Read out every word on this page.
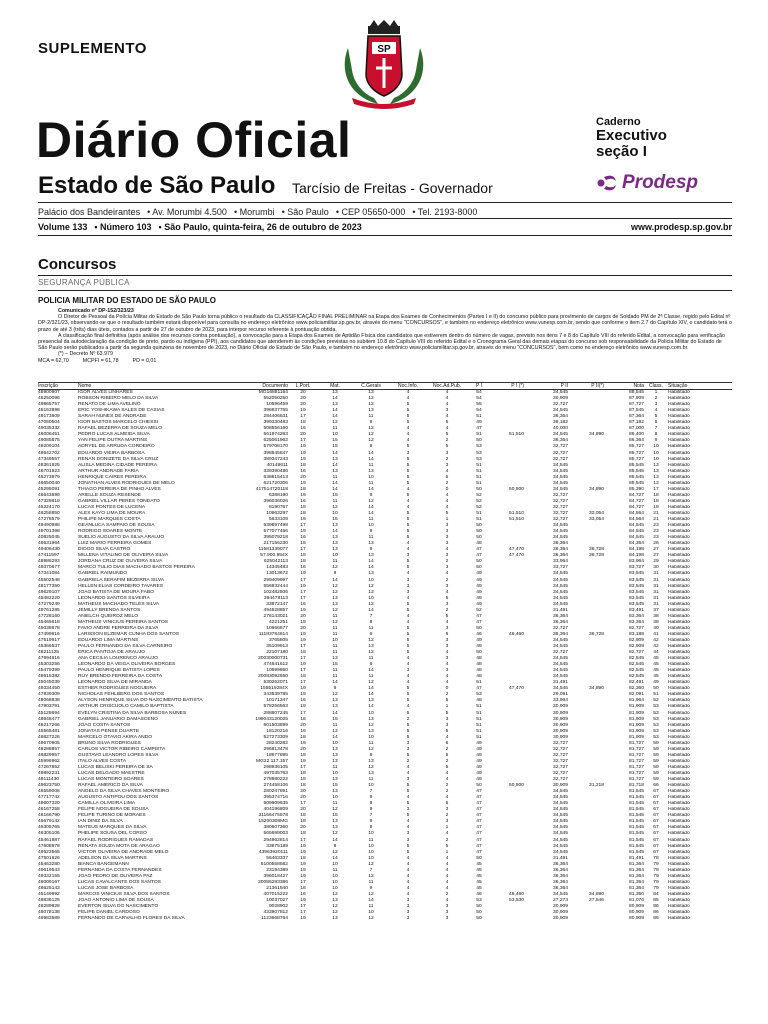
SUPLEMENTO	SP
Diário Oficial
Estado de São Paulo Tarcísio de Freitas - Governador
Caderno
Executivo
seção I
Prodesp
Palácio dos Bandeirantes • Av. Morumbi 4.500 • Morumbi • São Paulo • CEP 05650-000 • Tel. 2193-8000
Volume 133 • Número 103 • São Paulo, quinta-feira, 26 de outubro de 2023	www.prodesp.sp.gov.br
Concursos
SEGURANÇA PÚBLICA
POLICIA MILITAR DO ESTADO DE SÃO PAULO

Comunicado nº DP-152/323/23

O Diretor de Pessoal da Polícia Militar do Estado de São Paulo torna público o resultado da CLASSIFICAÇÃO FINAL PRELIMINAR na Etapa dos Exames de Conhecimentos (Partes I e II) do concurso público para provimento de cargos de Soldado PM de 2ª Classe, regido pelo Edital nº DP-2/321/23, observando-se que o resultado também estará disponível para consulta no endereço eletrônico www.policiamilitar.sp.gov.br, através do menu "CONCURSOS", e também no endereço eletrônico www.vunesp.com.br, sendo que conforme o item 2.7 do Capítulo XIV, o candidato terá o prazo de até 3 (três) dias úteis, contados a partir de 27 de outubro de 2023, para interpor recurso referente à pontuação obtida.

A classificação final definitiva (após análise dos recursos contra pontuação), a convocação para a Etapa dos Exames de Aptidão Física dos candidatos que estiverem dentro do número de vagas, previsto nos itens 7 e 8 do Capítulo VIII do referido Edital, a convocação para verificação presencial da autodeclaração da condição de preto, pardo ou indígena (PPI), aos candidatos que atenderem às condições previstas no subitem 10.8 do Capítulo VIII do referido Edital e o Cronograma Geral das demais etapas do concurso sob responsabilidade da Polícia Militar do Estado de São Paulo serão publicados a partir da segunda quinzena de novembro de 2023, no Diário Oficial do Estado de São Paulo, e também no endereço eletrônico www.policiamilitar.sp.gov.br, através do menu "CONCURSOS", bem como no endereço eletrônico www.vunesp.com.br.

(*) – Decreto Nº 63.979

MCA = 62,70	MCPFI = 61,78	PD = 0,01
Inscrição	Nome	Documento	L.Port.	Mat.	C.Gerais	Noc.Info.	Noc.Ad.Pub.	P I	P I (*)	P II	P II(*)	Nota	Class.	Situação
48900907	IGOR ALVES LINHARES	MG16881164	20	13	13	4	4	54		34,545		88,545	1	Habilitado
45250096	ROBSON RIBEIRO MELO DA SILVA	552050250	20	14	12	4	4	54		30,909		87,909	2	Habilitado
49865757	RENATO DE LIMA AVELINO	10596459	20	13	12	5	4	55		32,727		87,727	3	Habilitado
45163898	ERIC YOSHIKAWA SALES DE CASIAS	396937755	19	14	13	5	3	54		34,545		87,545	4	Habilitado
49173609	SARAH NUNES DE ANDRADE	284406631	17	14	11	5	4	51		36,364		87,364	5	Habilitado
47050504	IGOR BASTOS MARCELO CHIESSI	399330483	18	12	9	5	5	49		38,182		87,182	6	Habilitado
49035332	RAFAEL BEZERRA DE SOUZA MELO	508556160	16	11	12	4	4	47		40,000		87,000	7	Habilitado
46006451	PEDRO LUCAS ALMEIDA SILVA	561974263	20	10	12	4	5	51	51,510	34,545	34,890	86,400	8	Habilitado
49085875	YAN FELIPE DUTRA MARTINS	625061962	17	15	12	4	2	50		36,364		86,364	9	Habilitado
48209104	ADRYEL DE ARRUDA CORDEIRO	579706170	19	15	9	5	5	53		32,727		85,727	10	Habilitado
49542702	EDUARDO VIEIRA BARBOSA	398545847	19	14	14	3	3	53		32,727		85,727	10	Habilitado
47349557	RENAN DONIZETE DA SILVA CRUZ	389347243	19	13	14	5	2	53		32,727		85,727	10	Habilitado
48361925	ALISLA MEDINA CIDADE PEREIRA	40148611	18	14	11	5	3	51		34,545		85,545	13	Habilitado
46701923	ARTHUR ANDRADE FARIA	339390486	16	13	13	5	4	51		34,545		85,545	13	Habilitado
45273979	HENRIQUE CAIRES PEREIRA	638815413	20	11	10	5	5	51		34,545		85,545	13	Habilitado
46650040	JONATHAN ALVES RODRIGUES DE MELO	621720306	19	14	11	5	2	51		34,545		85,545	13	Habilitado
45295091	THIAGO PEREIRA DE PINHO ALVES	417514720118	18	14	14	4	0	50	50,500	34,545	34,890	85,390	17	Habilitado
46643699	ARIELLE SOUZA RESENDE	6388190	19	15	9	5	4	52		32,727		84,727	18	Habilitado
47328819	GABRIEL VILLAR PERES TONDATO	396036026	16	11	12	4	4	52		32,727		84,727	18	Habilitado
45224170	LUCAS PONTES DE LUCENA	8190767	18	12	14	4	4	52		32,727		84,727	18	Habilitado
46258850	ALEX KAYO LIMA DE MOURA	10963297	18	10	14	5	5	51	51,510	32,727	33,054	84,564	21	Habilitado
47278579	PHILIPE MARQUES COSTA	5633109	19	15	11	5	1	51	51,510	32,727	33,054	84,564	21	Habilitado
49490988	GEANLUCA SAMPAIO DE SOUSA	539897498	17	13	10	5	3	50		34,545		84,545	23	Habilitado
49701398	RODRIGO SOARES MONTE	577077466	19	14	9	5	3	50		34,545		84,545	23	Habilitado
40825045	SUELIO AUGUSTO DA SILVA ARAUJO	395079218	16	13	11	5	3	50		34,545		84,545	23	Habilitado
49531964	LUIZ MARIO FERREIRA GOMES	217156230	15	13	13	4	3	48		36,364		84,364	26	Habilitado
49406430	DIOGO SILVA CASTRO	11581339077	17	13	9	4	4	47	47,470	36,364	36,728	84,198	27	Habilitado
47411597	MILLENA VITALINO DE OLIVEIRA SILVA	57.900.954X	18	10	13	3	3	47	47,470	36,364	36,728	84,198	27	Habilitado
48986293	JORDANA CRUZ DE OLIVEIRA SILVA	625042113	18	11	14	5	2	50		33,964		83,964	29	Habilitado
49370677	MARCO TULIO DIAS MACHADO BASTOS PEREIRA	14345483	16	12	14	5	3	50		33,727		83,727	30	Habilitado
47341084	GABRIEL RAIMUNDO	13013672	19	9	13	4	4	49		34,545		83,545	31	Habilitado
45502548	GABRIELA SERAFIM BEZERRA SILVA	299409997	17	14	10	3	2	49		34,545		83,545	31	Habilitado
48177350	HELLEN ELIAS CORDEIRO TAVARES	556932444	19	12	12	3	3	49		34,545		83,545	31	Habilitado
49629107	JOAO BATISTA DE MOURA FABO	102482506	17	12	13	3	4	49		34,545		83,545	31	Habilitado
45482220	LEONARDO SANTOS SILVEIRA	394478113	17	13	10	4	5	49		34,545		83,545	31	Habilitado
47279249	MATHEUS MACHADO TELES SILVA	33872147	16	13	12	5	3	49		34,545		83,545	31	Habilitado
49761285	JEMILLY BRENDA SANTOS	494628857	19	12	14	5	2	52		31,491		83,491	37	Habilitado
47728160	ANIELCH QUEIROZ MELO	276143021	20	11	7	4	5	47		36,364		83,364	38	Habilitado
45465618	MATHEUS VINICIUS PEREIRA SANTOS	4221251	19	12	8	4	4	47		36,364		83,364	38	Habilitado
45038678	FAVIO ANDRE FERREIRA DA SILVA	10666577	20	11	11	5	3	50		32,727		82,727	40	Habilitado
47499616	LARISSON ELZEMAR CUNHA DOS SANTOS	11183784614	19	11	6	5	5	46	46,460	36,364	36,728	83,188	41	Habilitado
47519917	EDUARDO LIMA MARTINS	3765805	19	10	12	5	3	49		34,545		82,909	42	Habilitado
45366537	PAULO FERNANDO DA SILVA CARNEIRO	35109913	17	11	13	5	3	49		34,545		82,909	42	Habilitado
48211125	ERICA PANTOJA DE ARAUJO	22107180	18	11	12	5	4	50		32,727		82,727	44	Habilitado
47694616	ANA CECILIA LOURENCO ARAUJO	20030000731	17	13	11	4	3	48		34,545		82,545	45	Habilitado
45303256	LEONARDO DA VEIGA OLIVEIRA BORGES	474641612	19	15	6	4	4	48		34,545		82,545	45	Habilitado
45479399	PAULO HENRIQUE BATISTA LOPES	10699860	17	11	14	3	3	48		34,545		82,545	45	Habilitado
48615382	RUY BRENDO FERREIRA DA COSTA	20083092650	18	11	11	4	4	48		34,545		82,545	45	Habilitado
45045039	LEONARDO SILVA DE MIRANDA	530262071	17	14	12	4	4	51		31,491		82,491	49	Habilitado
49334450	ESTHER RODRIGUES NOGUEIRA	155519284X	19	9	14	5	0	47	47,470	34,545	34,890	82,360	50	Habilitado
47839309	NICHOLAS FEHLBERG DOS SANTOS	343539785	19	12	14	5	2	53		29,091		82,091	51	Habilitado
48068838	ALYSON HENRIQUE SILVA DO NASCIMENTO BATISTA	10171347	16	13	13	5	5	48		33,964		81,964	52	Habilitado
47903791	ARTHUR CRISCUOLO CAMILO BAPTISTA	578256563	19	13	14	4	1	51		30,909		81,909	53	Habilitado
45128694	EVELYN CRISTINA DA SILVA BARBOSA NUNES	288607245	17	14	10	5	5	51		30,909		81,909	53	Habilitado
48648477	GABRIEL JANUARIO DAMASCENO	199043120025	18	15	13	2	3	51		30,909		81,909	53	Habilitado
46217266	JOAO COSTA SANTOS	601503899	20	11	12	5	3	51		30,909		81,909	53	Habilitado
45565481	JONATAS PENSE DUARTE	18120216	16	12	13	5	5	51		30,909		81,909	53	Habilitado
46827226	MARCELO OTAVIO AKIRA ANDO	527273309	18	14	10	5	4	51		30,909		81,909	53	Habilitado
49670905	BRUNO SILVA RODRIGUES	28240282	19	10	11	3	6	49		32,727		81,727	59	Habilitado
48288857	CARLOS VICTOR RIBEIRO CAMPISTA	296813478	20	13	12	3	2	49		32,727		81,727	59	Habilitado
46829957	GUSTAVO LEANDRO LOPES SILVA	18677895	18	13	8	5	5	49		32,727		81,727	59	Habilitado
45996962	ITALO ALVES COSTA	MG22.117.157	19	13	13	2	2	49		32,727		81,727	59	Habilitado
47267852	LUCAS BELISKI PEREIRA DE SA	298936105	17	11	12	4	5	49		32,727		81,727	59	Habilitado
49892231	LUCAS DELGADO MAESTRE	497035763	18	10	13	4	4	49		32,727		81,727	59	Habilitado
48111430	LUCAS MONTEIRO SOARES	278980222	18	13	11	3	4	49		32,727		81,727	59	Habilitado
49623750	RAFAEL AMERICO DA SILVA	274458106	18	15	10	5	2	50	50,500	30,909	31,218	81,718	66	Habilitado
46559008	ANGELO DA SILVA CHAVES MONTEIRO	280247891	20	13	7	5	2	47		34,545		81,545	67	Habilitado
47717742	AUGUSTO ANTIPOU DOS SANTOS	395374716	20	10	9	4	4	47		34,545		81,545	67	Habilitado
48607320	CAMILLA OLIVEIRA LIMA	509609635	17	11	9	5	5	47		34,545		81,545	67	Habilitado
46167258	FELIPE NOGUEIRA DE SOUSA	404196809	20	12	9	3	3	47		34,545		81,545	67	Habilitado
46166790	FELIPE TURINO DE MORAES	31166475578	18	15	7	5	2	47		34,545		81,545	67	Habilitado
45679142	IAN DINIZ DA SILVA	15200308MG	18	13	9	4	3	47		34,545		81,545	67	Habilitado
45305765	MATEUS MARQUES DA SILVA	380607360	20	13	9	4	1	47		34,545		81,545	67	Habilitado
46305106	PHELIPE SOUSA DEL CORSO	565699003	18	12	10	3	4	47		34,545		81,545	67	Habilitado
45461987	RAFAEL RODRIGUES RAMADAS	294962814	17	14	11	3	2	47		34,545		81,545	67	Habilitado
47608978	RENATA SOUZA MOTA DE ARAGAO	33875189	19	8	10	5	5	47		34,545		81,545	67	Habilitado
49523565	VICTOR OLIVEIRA DE ANDRADE MELO	43963920111	19	12	10	5	1	47		34,545		81,545	67	Habilitado
47501626	ADELSON DA SILVA MARTINS	56463337	18	14	10	4	4	50		31,491		81,491	78	Habilitado
45463280	BIANCA BANGEMANN	6100558582	19	10	12	4	4	45		36,364		81,364	79	Habilitado
49619543	FERNANDA DA COSTA FERNANDES	23194389	19	11	7	4	4	45		36,364		81,364	79	Habilitado
49332155	JOAO PEDRO DE OLIVEIRA PAZ	396018427	19	10	12	4	4	45		36,364		81,364	79	Habilitado
46009167	LUCAS CAVALCANTE DOS SANTOS	20086283386	17	10	11	4	4	45		36,364		81,364	79	Habilitado
46625143	LUCAS JOSE BARBOSA	21361940	18	10	9	4	4	45		36,364		81,364	79	Habilitado
45149992	MARCOS VINICIUS SILVA DOS SANTOS	407015222	16	12	12	4	2	46	46,460	34,545	34,890	81,350	84	Habilitado
48836125	JOAO ANTONIO LIMA DE SOUSA	10037027	19	13	14	3	4	53	53,530	27,273	27,546	81,076	85	Habilitado
46289828	EVERTON SILVA DO NASCIMENTO	9028902	17	12	11	3	3	50		30,909		80,909	86	Habilitado
48078138	FELIPE DANIEL CARDOSO	433907812	17	12	10	3	3	50		30,909		80,909	86	Habilitado
46983589	FERNANDO DE CARVALHO FLORES DA SILVA	1123668764	19	13	12	3	3	50		30,909		80,909	86	Habilitado
